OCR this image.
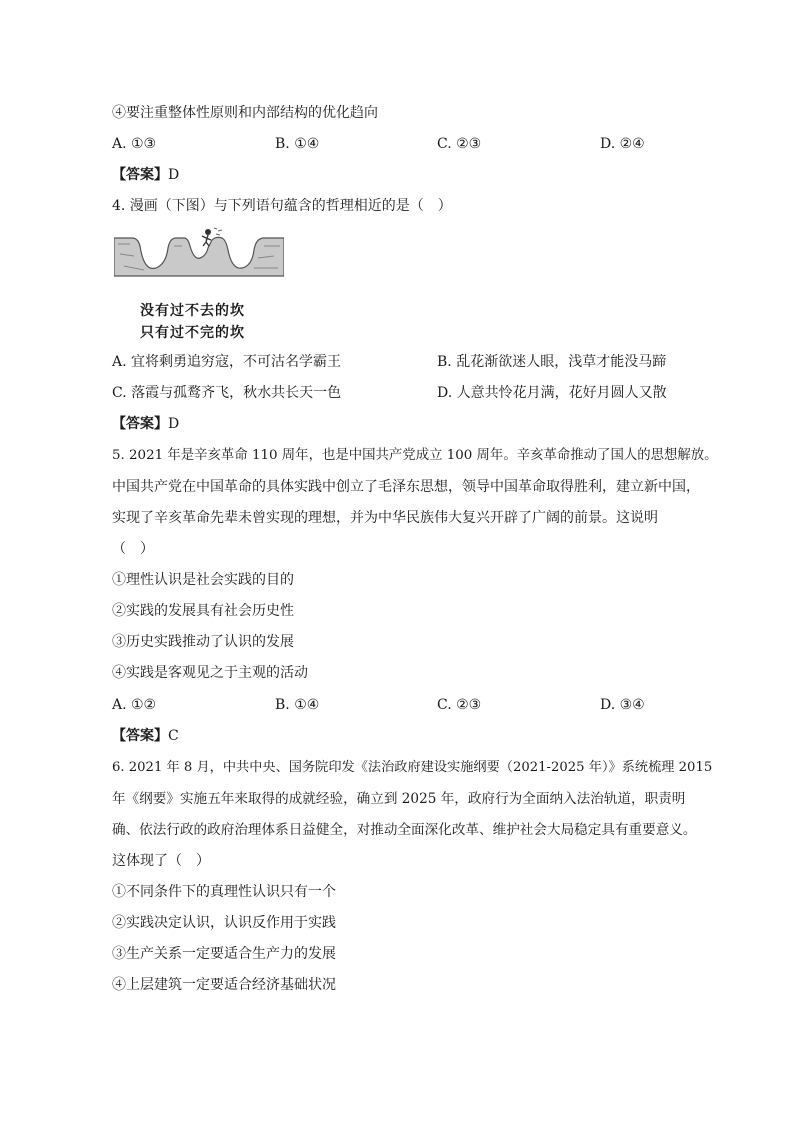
④要注重整体性原则和内部结构的优化趋向
A. ①③	B. ①④	C. ②③	D. ②④
【答案】D
4. 漫画（下图）与下列语句蕴含的哲理相近的是（　）
没有过不去的坎
只有过不完的坎
A. 宜将剩勇追穷寇，不可沽名学霸王	B. 乱花渐欲迷人眼，浅草才能没马蹄
C. 落霞与孤鹜齐飞，秋水共长天一色	D. 人意共怜花月满，花好月圆人又散
【答案】D
5. 2021 年是辛亥革命 110 周年，也是中国共产党成立 100 周年。辛亥革命推动了国人的思想解放。
中国共产党在中国革命的具体实践中创立了毛泽东思想，领导中国革命取得胜利，建立新中国，
实现了辛亥革命先辈未曾实现的理想，并为中华民族伟大复兴开辟了广阔的前景。这说明
（　）
①理性认识是社会实践的目的
②实践的发展具有社会历史性
③历史实践推动了认识的发展
④实践是客观见之于主观的活动
A. ①②	B. ①④	C. ②③	D. ③④
【答案】C
6. 2021 年 8 月，中共中央、国务院印发《法治政府建设实施纲要（2021-2025 年）》系统梳理 2015
年《纲要》实施五年来取得的成就经验，确立到 2025 年，政府行为全面纳入法治轨道，职责明
确、依法行政的政府治理体系日益健全，对推动全面深化改革、维护社会大局稳定具有重要意义。
这体现了（　）
①不同条件下的真理性认识只有一个
②实践决定认识，认识反作用于实践
③生产关系一定要适合生产力的发展
④上层建筑一定要适合经济基础状况
